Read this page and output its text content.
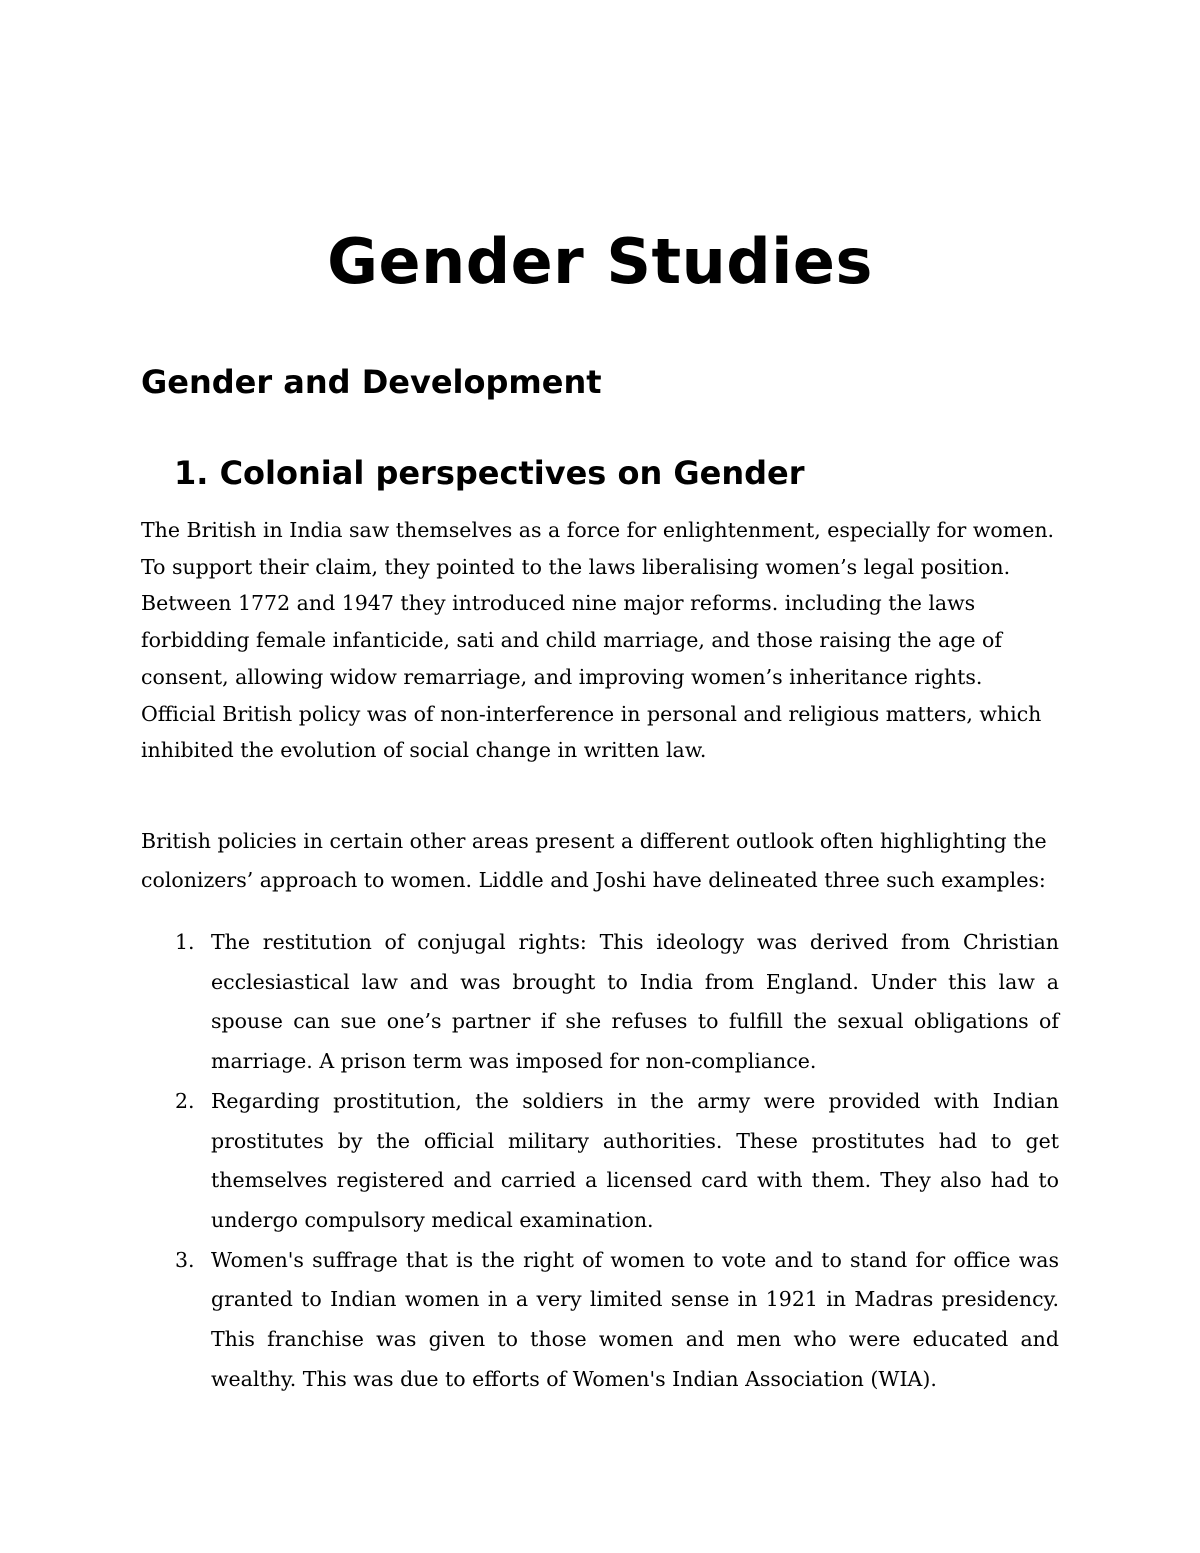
Gender Studies
Gender and Development
1. Colonial perspectives on Gender

The British in India saw themselves as a force for enlightenment, especially for women. To support their claim, they pointed to the laws liberalising women’s legal position. Between 1772 and 1947 they introduced nine major reforms. including the laws forbidding female infanticide, sati and child marriage, and those raising the age of consent, allowing widow remarriage, and improving women’s inheritance rights. Official British policy was of non-interference in personal and religious matters, which inhibited the evolution of social change in written law.

British policies in certain other areas present a different outlook often highlighting the colonizers’ approach to women. Liddle and Joshi have delineated three such examples:

1. The restitution of conjugal rights: This ideology was derived from Christian ecclesiastical law and was brought to India from England. Under this law a spouse can sue one’s partner if she refuses to fulfill the sexual obligations of marriage. A prison term was imposed for non-compliance.
2. Regarding prostitution, the soldiers in the army were provided with Indian prostitutes by the official military authorities. These prostitutes had to get themselves registered and carried a licensed card with them. They also had to undergo compulsory medical examination.
3. Women's suffrage that is the right of women to vote and to stand for office was granted to Indian women in a very limited sense in 1921 in Madras presidency. This franchise was given to those women and men who were educated and wealthy. This was due to efforts of Women's Indian Association (WIA).
